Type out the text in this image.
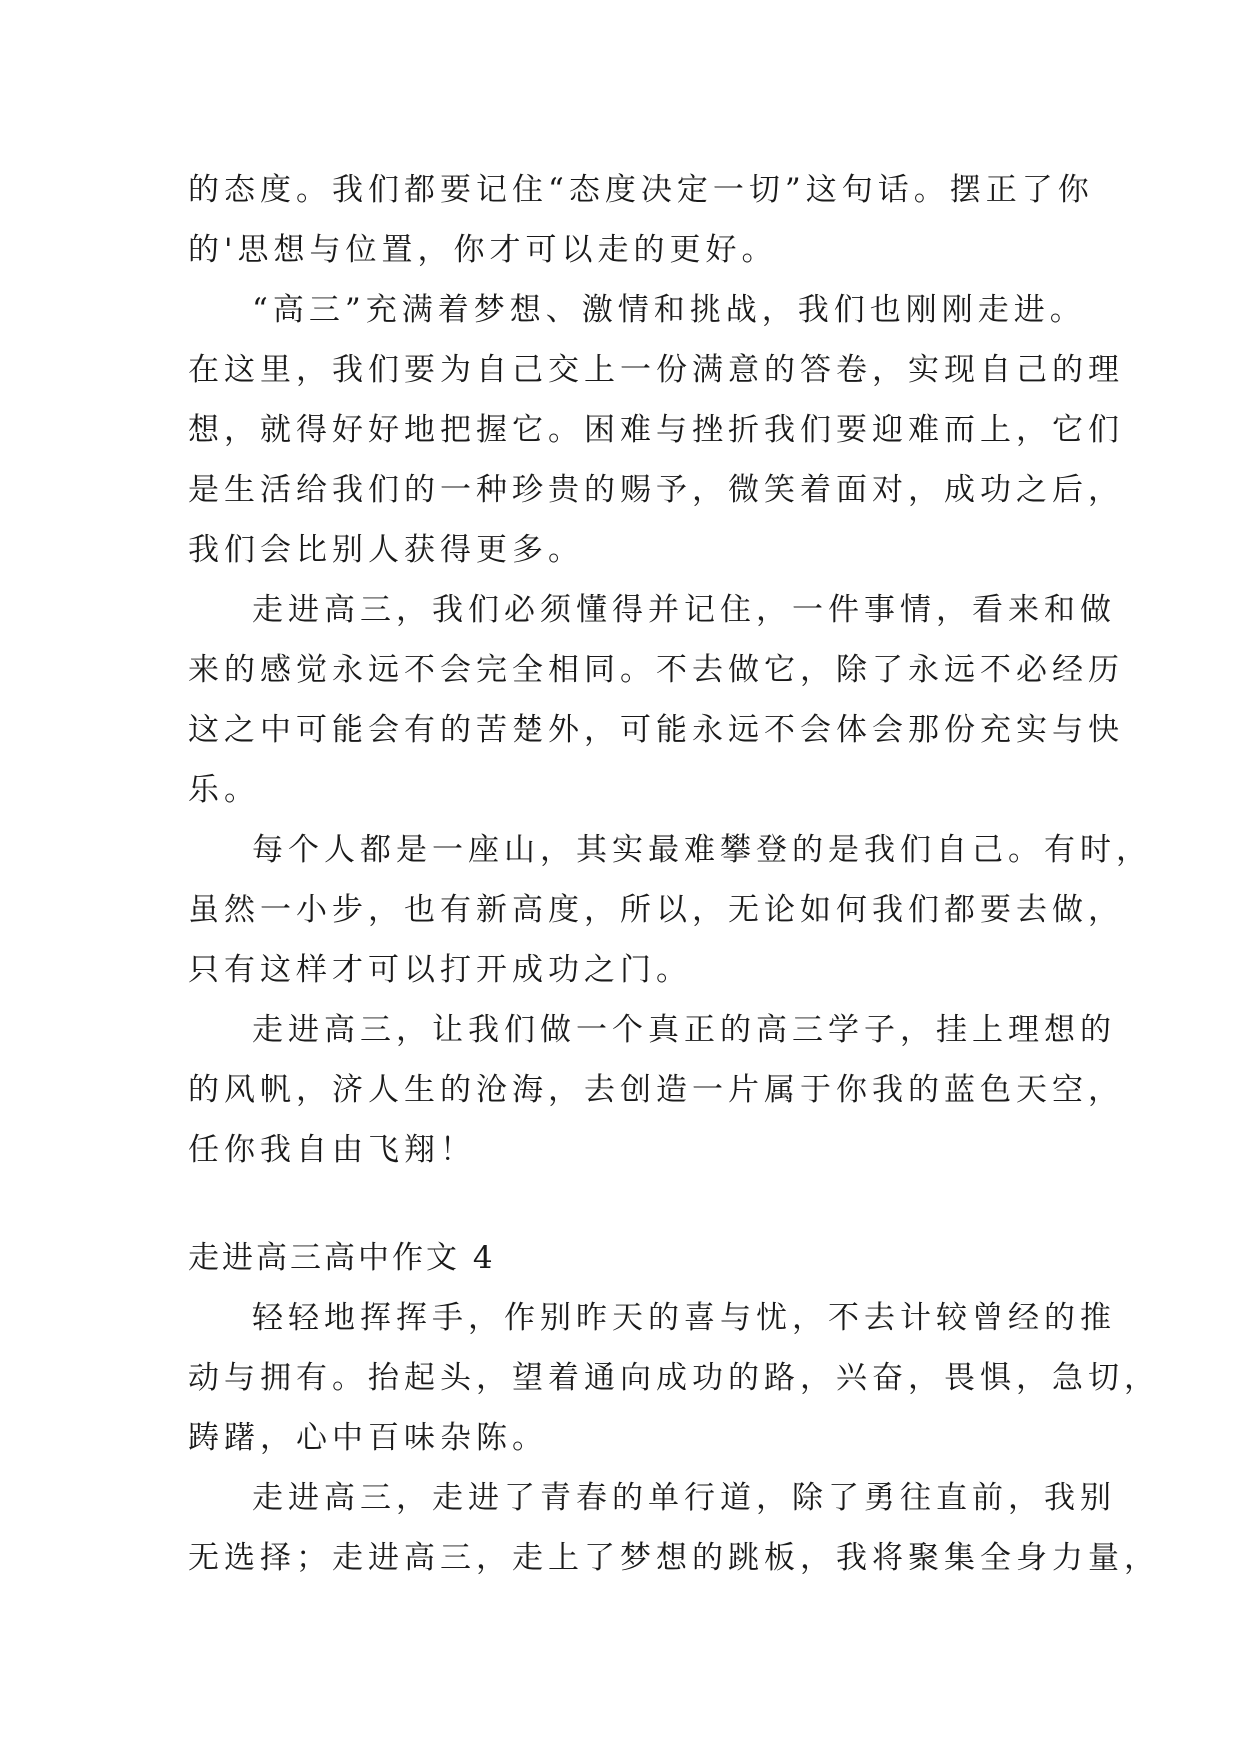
的态度。我们都要记住“态度决定一切”这句话。摆正了你
的'思想与位置，你才可以走的更好。

“高三”充满着梦想、激情和挑战，我们也刚刚走进。
在这里，我们要为自己交上一份满意的答卷，实现自己的理
想，就得好好地把握它。困难与挫折我们要迎难而上，它们
是生活给我们的一种珍贵的赐予，微笑着面对，成功之后，
我们会比别人获得更多。

走进高三，我们必须懂得并记住，一件事情，看来和做
来的感觉永远不会完全相同。不去做它，除了永远不必经历
这之中可能会有的苦楚外，可能永远不会体会那份充实与快
乐。

每个人都是一座山，其实最难攀登的是我们自己。有时，
虽然一小步，也有新高度，所以，无论如何我们都要去做，
只有这样才可以打开成功之门。

走进高三，让我们做一个真正的高三学子，挂上理想的
的风帆，济人生的沧海，去创造一片属于你我的蓝色天空，
任你我自由飞翔！

走进高三高中作文 4

轻轻地挥挥手，作别昨天的喜与忧，不去计较曾经的推
动与拥有。抬起头，望着通向成功的路，兴奋，畏惧，急切，
踌躇，心中百味杂陈。

走进高三，走进了青春的单行道，除了勇往直前，我别
无选择；走进高三，走上了梦想的跳板，我将聚集全身力量，
